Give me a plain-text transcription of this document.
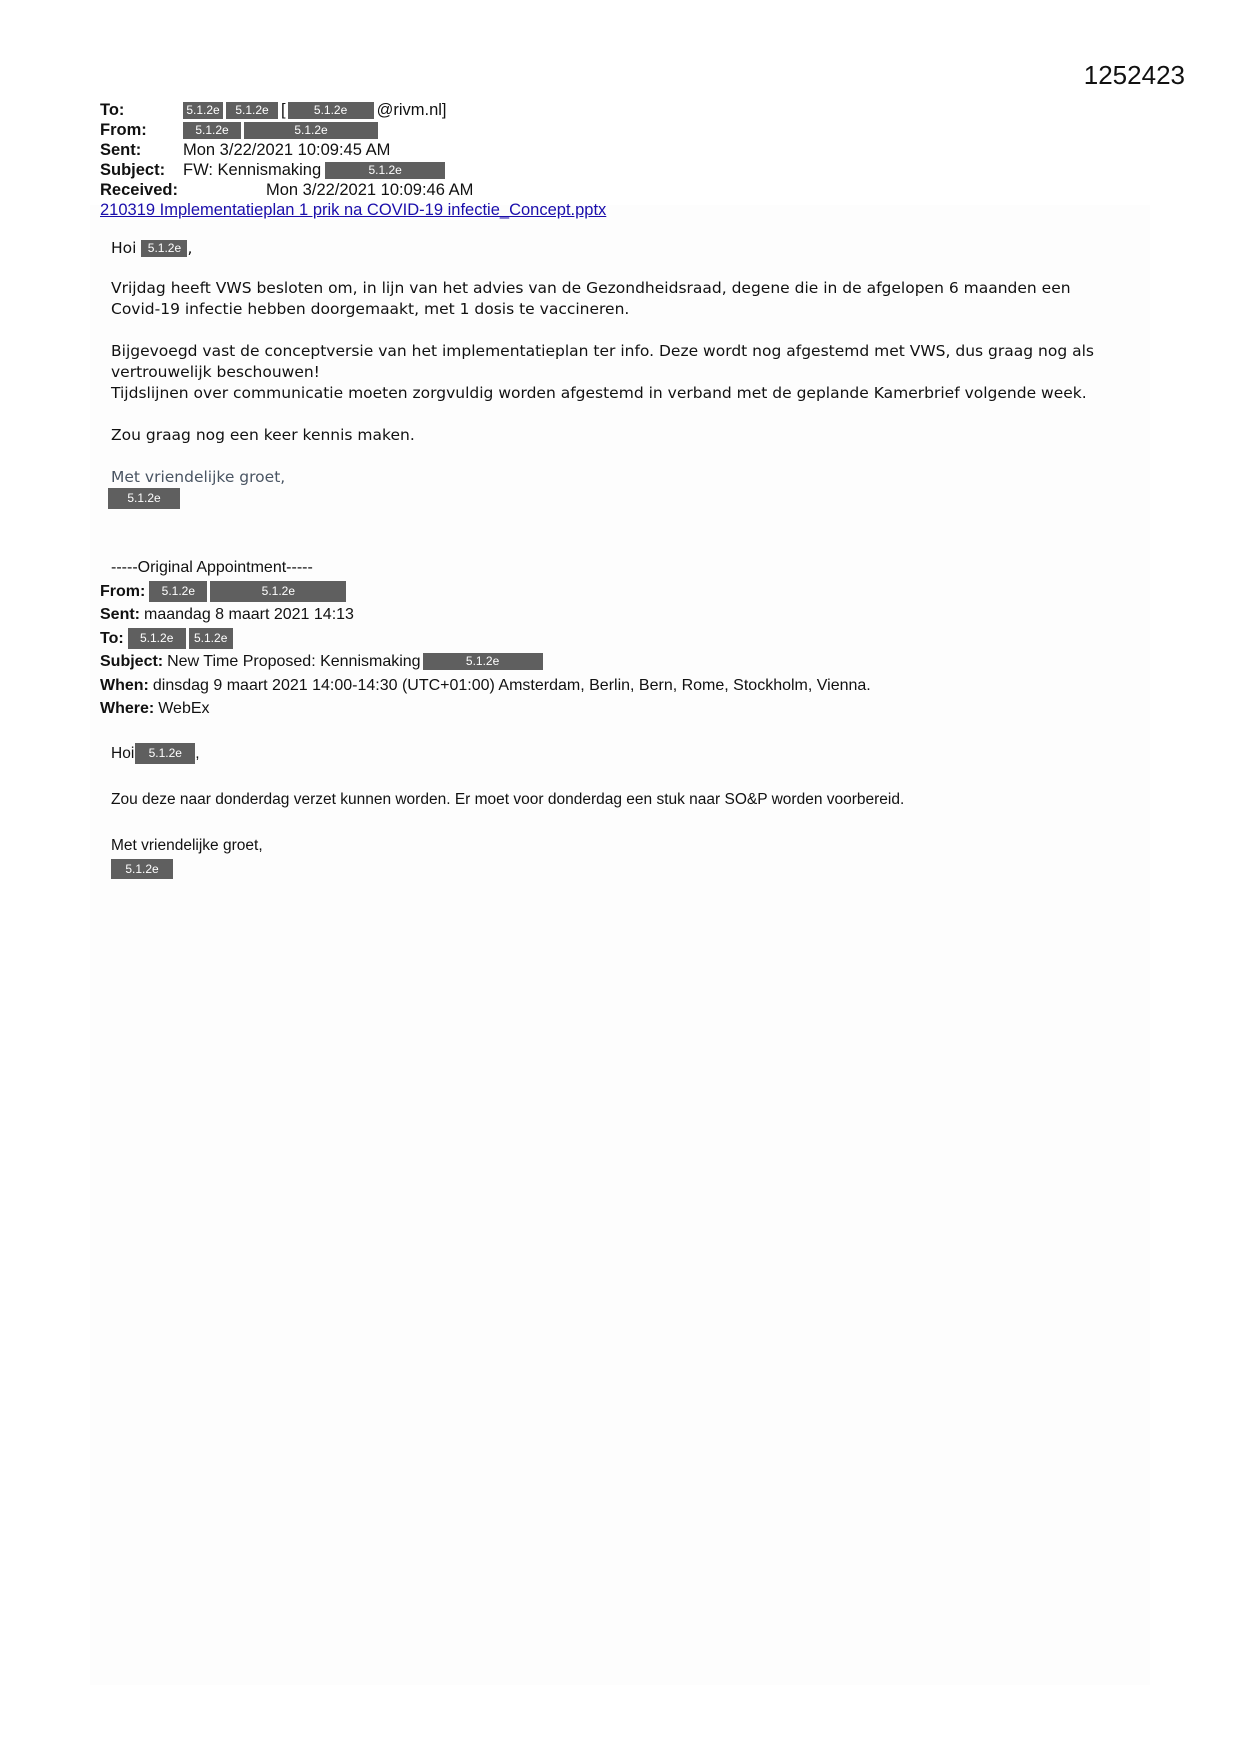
1252423
To:	5.1.2e	5.1.2e [	5.1.2e	@rivm.nl]
From:	5.1.2e	5.1.2e
Sent:	Mon 3/22/2021 10:09:45 AM
Subject:	FW: Kennismaking	5.1.2e
Received:	Mon 3/22/2021 10:09:46 AM
210319 Implementatieplan 1 prik na COVID-19 infectie_Concept.pptx

Hoi 5.1.2e ,

Vrijdag heeft VWS besloten om, in lijn van het advies van de Gezondheidsraad, degene die in de afgelopen 6 maanden een Covid-19 infectie hebben doorgemaakt, met 1 dosis te vaccineren.

Bijgevoegd vast de conceptversie van het implementatieplan ter info. Deze wordt nog afgestemd met VWS, dus graag nog als vertrouwelijk beschouwen!

Tijdslijnen over communicatie moeten zorgvuldig worden afgestemd in verband met de geplande Kamerbrief volgende week.

Zou graag nog een keer kennis maken.

Met vriendelijke groet,

5.1.2e

-----Original Appointment-----
From:	5.1.2e	5.1.2e
Sent: maandag 8 maart 2021 14:13
To:	5.1.2e	5.1.2e
Subject: New Time Proposed: Kennismaking	5.1.2e
When: dinsdag 9 maart 2021 14:00-14:30 (UTC+01:00) Amsterdam, Berlin, Bern, Rome, Stockholm, Vienna.
Where: WebEx

Hoi	5.1.2e ,

Zou deze naar donderdag verzet kunnen worden. Er moet voor donderdag een stuk naar SO&P worden voorbereid.

Met vriendelijke groet,

5.1.2e
